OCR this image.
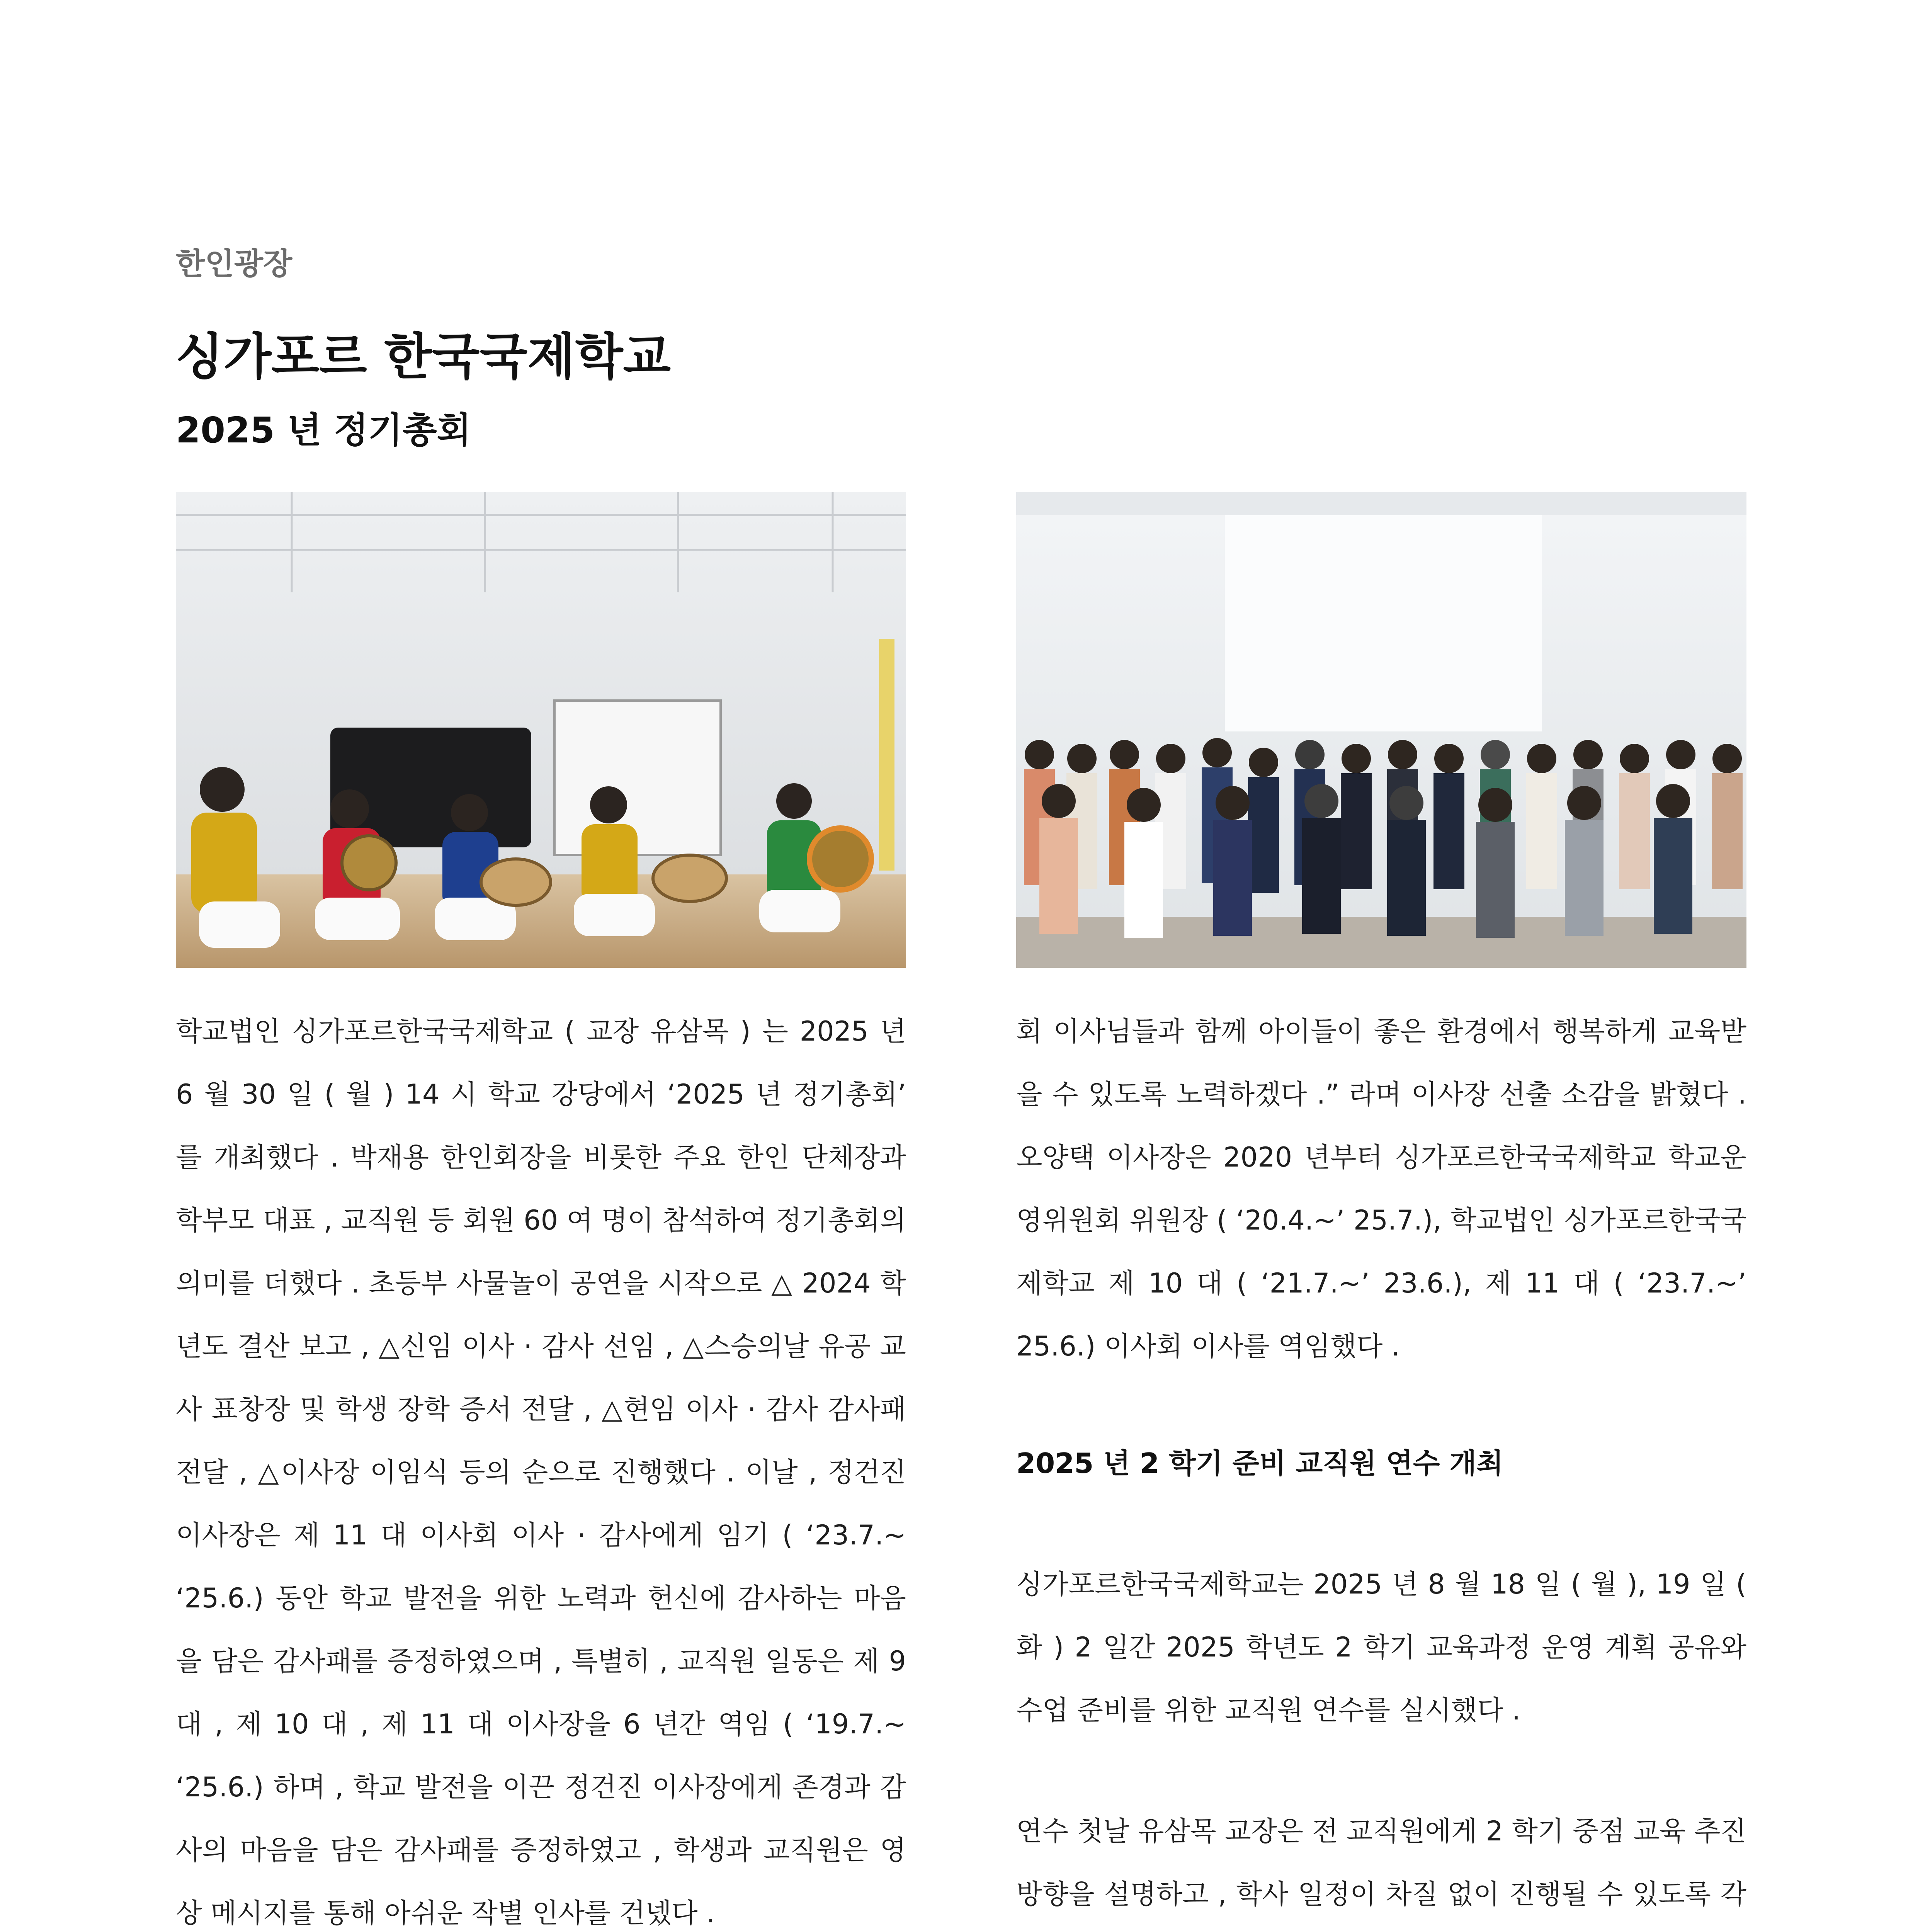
한인광장
싱가포르 한국국제학교
2025 년 정기총회

학교법인 싱가포르한국국제학교 ( 교장 유삼목 ) 는 2025 년 6 월 30 일 ( 월 ) 14 시 학교 강당에서 ‘2025 년 정기총회’ 를 개최했다 . 박재용 한인회장을 비롯한 주요 한인 단체장과 학부모 대표 , 교직원 등 회원 60 여 명이 참석하여 정기총회의 의미를 더했다 . 초등부 사물놀이 공연을 시작으로 △ 2024 학년도 결산 보고 , △신임 이사 · 감사 선임 , △스승의날 유공 교사 표창장 및 학생 장학 증서 전달 , △현임 이사 · 감사 감사패 전달 , △이사장 이임식 등의 순으로 진행했다 . 이날 , 정건진 이사장은 제 11 대 이사회 이사 · 감사에게 임기 ( ‘23.7.~ ‘25.6.) 동안 학교 발전을 위한 노력과 헌신에 감사하는 마음을 담은 감사패를 증정하였으며 , 특별히 , 교직원 일동은 제 9 대 , 제 10 대 , 제 11 대 이사장을 6 년간 역임 ( ‘19.7.~ ‘25.6.) 하며 , 학교 발전을 이끈 정건진 이사장에게 존경과 감사의 마음을 담은 감사패를 증정하였고 , 학생과 교직원은 영상 메시지를 통해 아쉬운 작별 인사를 건넸다 .

회 이사님들과 함께 아이들이 좋은 환경에서 행복하게 교육받을 수 있도록 노력하겠다 .” 라며 이사장 선출 소감을 밝혔다 . 오양택 이사장은 2020 년부터 싱가포르한국국제학교 학교운영위원회 위원장 ( ‘20.4.~’ 25.7.), 학교법인 싱가포르한국국제학교 제 10 대 ( ‘21.7.~’ 23.6.), 제 11 대 ( ‘23.7.~’ 25.6.) 이사회 이사를 역임했다 .

2025 년 2 학기 준비 교직원 연수 개최

싱가포르한국국제학교는 2025 년 8 월 18 일 ( 월 ), 19 일 ( 화 ) 2 일간 2025 학년도 2 학기 교육과정 운영 계획 공유와 수업 준비를 위한 교직원 연수를 실시했다 .

연수 첫날 유삼목 교장은 전 교직원에게 2 학기 중점 교육 추진 방향을 설명하고 , 학사 일정이 차질 없이 진행될 수 있도록 각
